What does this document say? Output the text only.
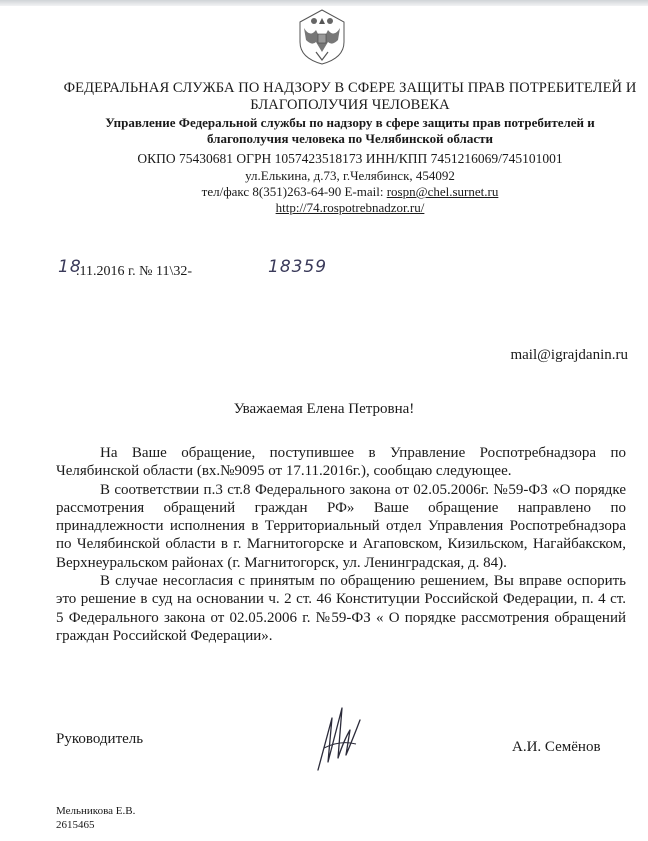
ФЕДЕРАЛЬНАЯ СЛУЖБА ПО НАДЗОРУ В СФЕРЕ ЗАЩИТЫ ПРАВ ПОТРЕБИТЕЛЕЙ И БЛАГОПОЛУЧИЯ ЧЕЛОВЕКА
Управление Федеральной службы по надзору в сфере защиты прав потребителей и благополучия человека по Челябинской области
ОКПО 75430681 ОГРН 1057423518173 ИНН/КПП 7451216069/745101001
ул.Елькина, д.73, г.Челябинск, 454092
тел/факс 8(351)263-64-90 E-mail: rospn@chel.surnet.ru
http://74.rospotrebnadzor.ru/
18
.11.2016 г. № 11\32-	18359
mail@igrajdanin.ru
Уважаемая Елена Петровна!

На Ваше обращение, поступившее в Управление Роспотребнадзора по Челябинской области (вх.№9095 от 17.11.2016г.), сообщаю следующее.

В соответствии п.3 ст.8 Федерального закона от 02.05.2006г. №59-ФЗ «О порядке рассмотрения обращений граждан РФ» Ваше обращение направлено по принадлежности исполнения в Территориальный отдел Управления Роспотребнадзора по Челябинской области в г. Магнитогорске и Агаповском, Кизильском, Нагайбакском, Верхнеуральском районах (г. Магнитогорск, ул. Ленинградская, д. 84).

В случае несогласия с принятым по обращению решением, Вы вправе оспорить это решение в суд на основании ч. 2 ст. 46 Конституции Российской Федерации, п. 4 ст. 5 Федерального закона от 02.05.2006 г. №59-ФЗ « О порядке рассмотрения обращений граждан Российской Федерации».

Руководитель	А.И. Семёнов
Мельникова Е.В.
2615465
